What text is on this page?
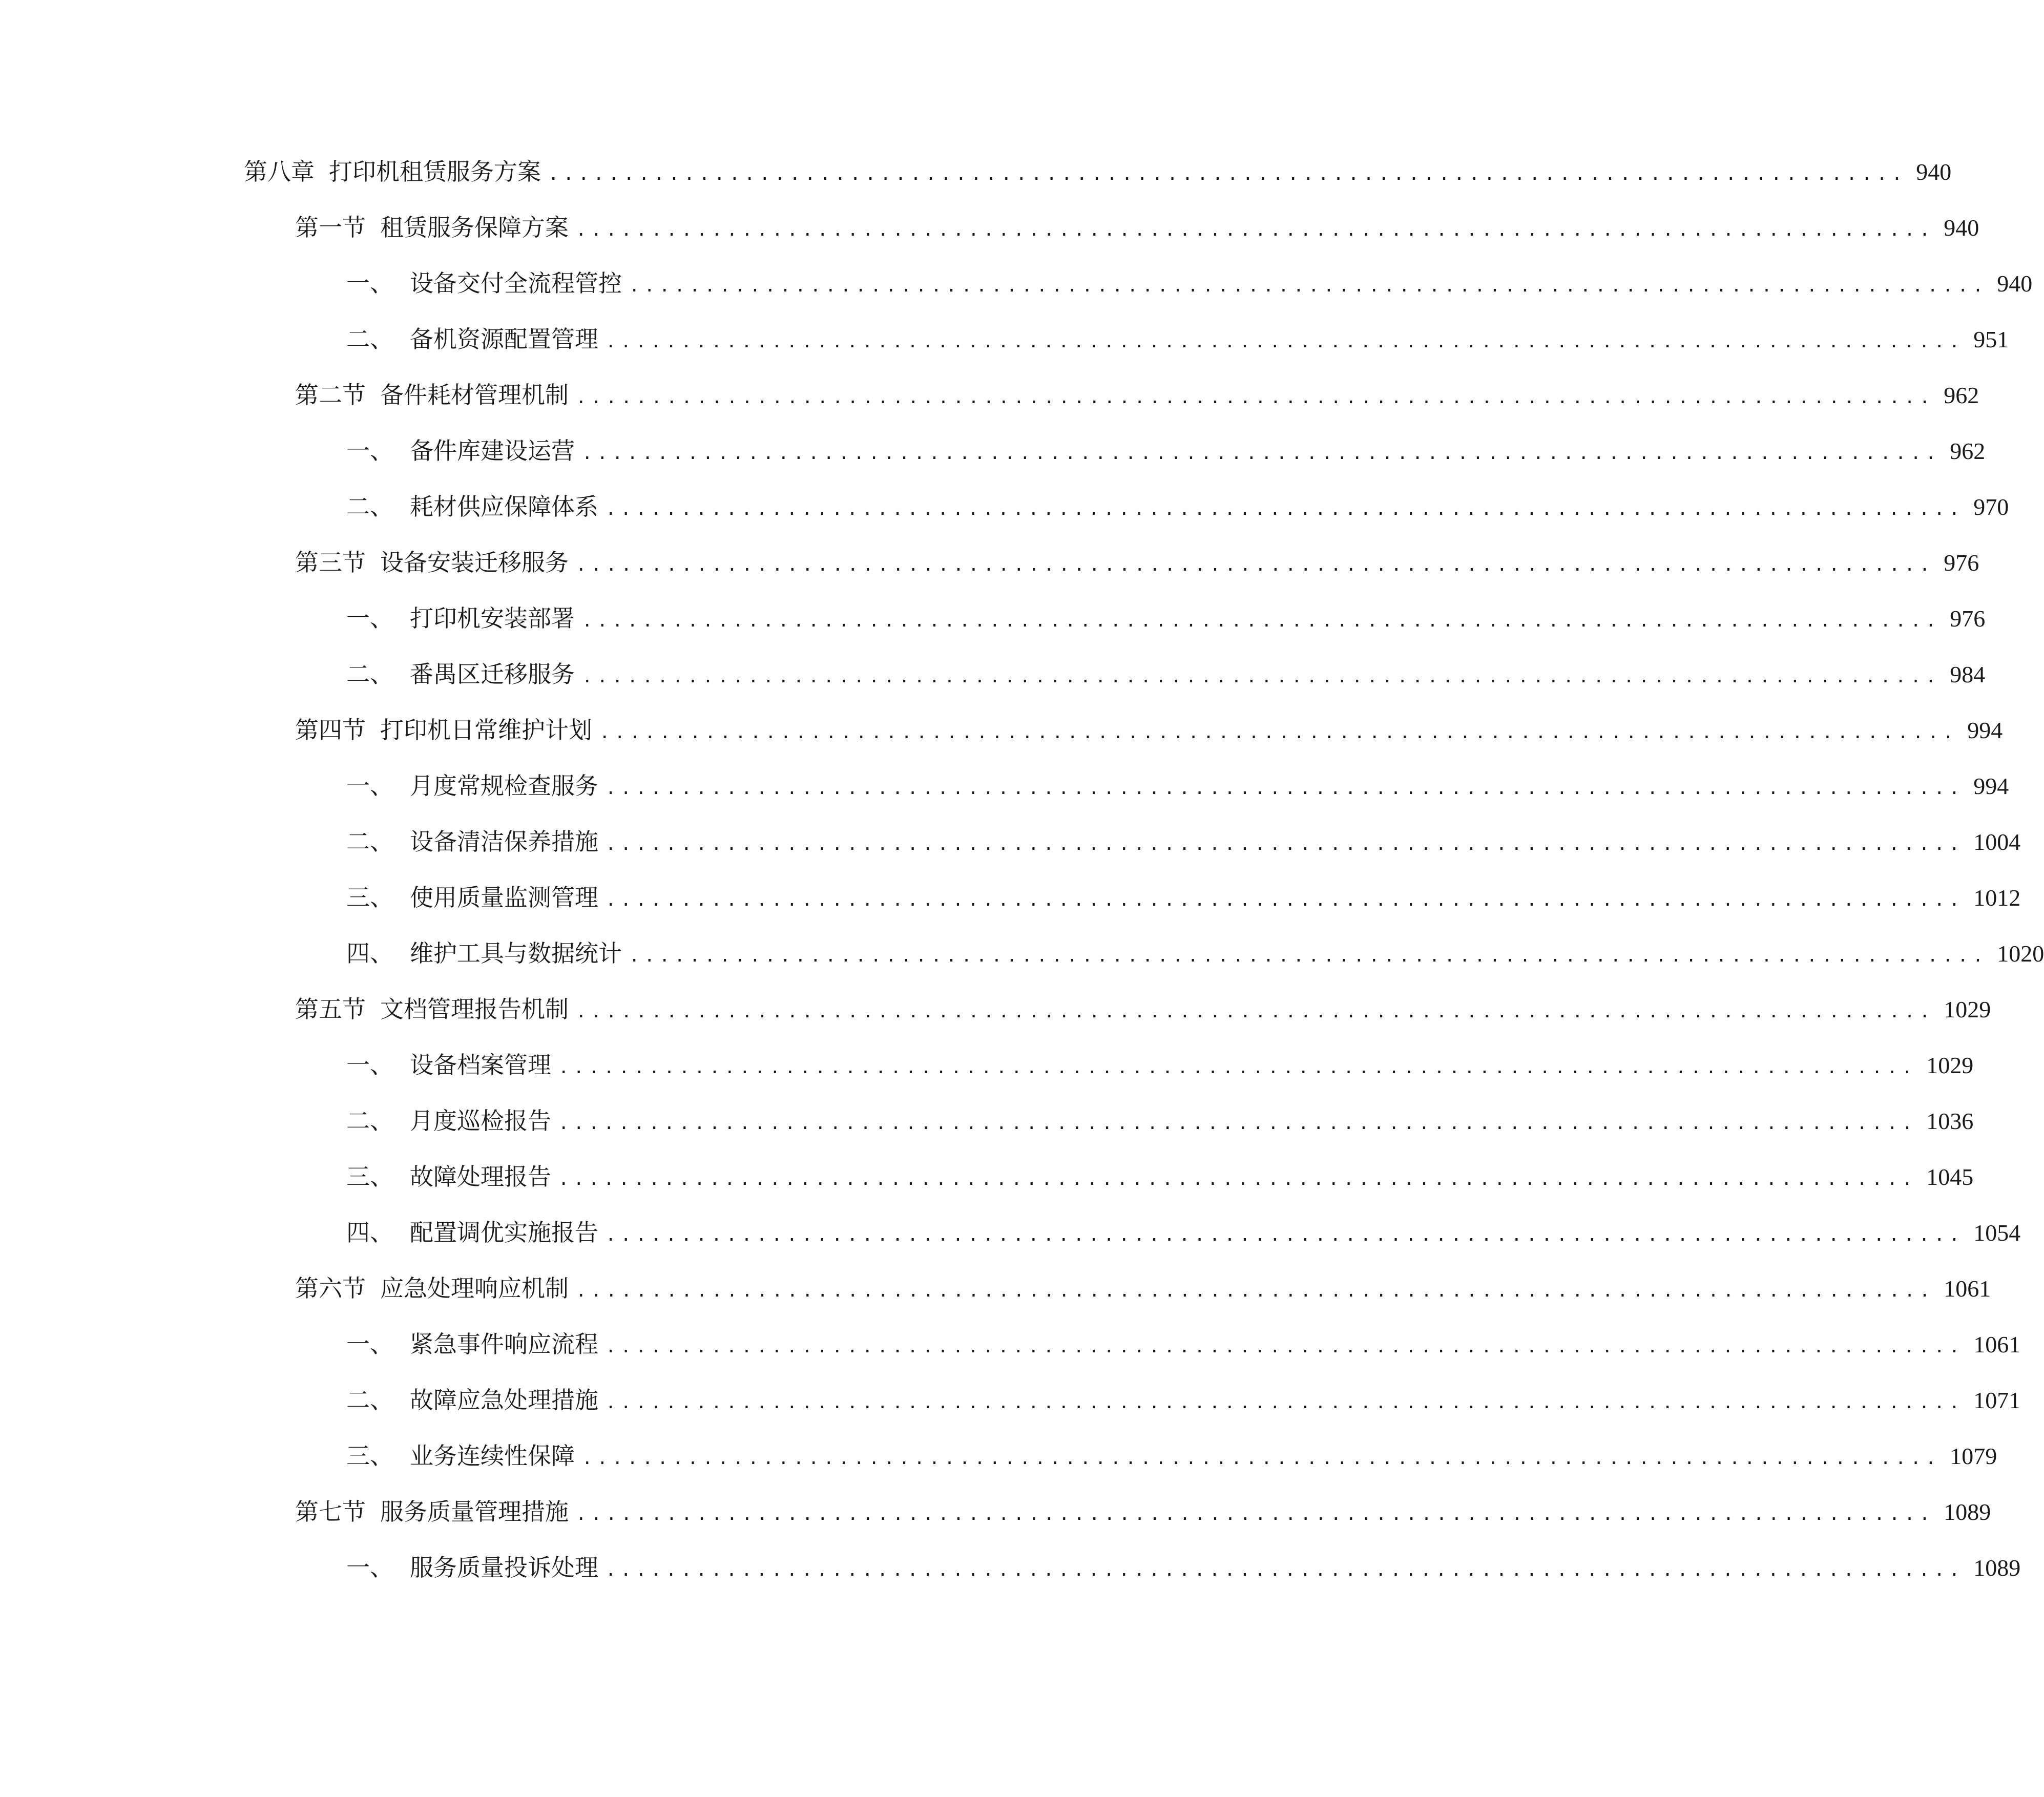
第八章 打印机租赁服务方案 .......................................................................................... 940
第一节 租赁服务保障方案 .......................................................................................... 940
一、 设备交付全流程管控 .......................................................................................... 940
二、 备机资源配置管理 .......................................................................................... 951
第二节 备件耗材管理机制 .......................................................................................... 962
一、 备件库建设运营 .......................................................................................... 962
二、 耗材供应保障体系 .......................................................................................... 970
第三节 设备安装迁移服务 .......................................................................................... 976
一、 打印机安装部署 .......................................................................................... 976
二、 番禺区迁移服务 .......................................................................................... 984
第四节 打印机日常维护计划 .......................................................................................... 994
一、 月度常规检查服务 .......................................................................................... 994
二、 设备清洁保养措施 .......................................................................................... 1004
三、 使用质量监测管理 .......................................................................................... 1012
四、 维护工具与数据统计 .......................................................................................... 1020
第五节 文档管理报告机制 .......................................................................................... 1029
一、 设备档案管理 .......................................................................................... 1029
二、 月度巡检报告 .......................................................................................... 1036
三、 故障处理报告 .......................................................................................... 1045
四、 配置调优实施报告 .......................................................................................... 1054
第六节 应急处理响应机制 .......................................................................................... 1061
一、 紧急事件响应流程 .......................................................................................... 1061
二、 故障应急处理措施 .......................................................................................... 1071
三、 业务连续性保障 .......................................................................................... 1079
第七节 服务质量管理措施 .......................................................................................... 1089
一、 服务质量投诉处理 .......................................................................................... 1089
